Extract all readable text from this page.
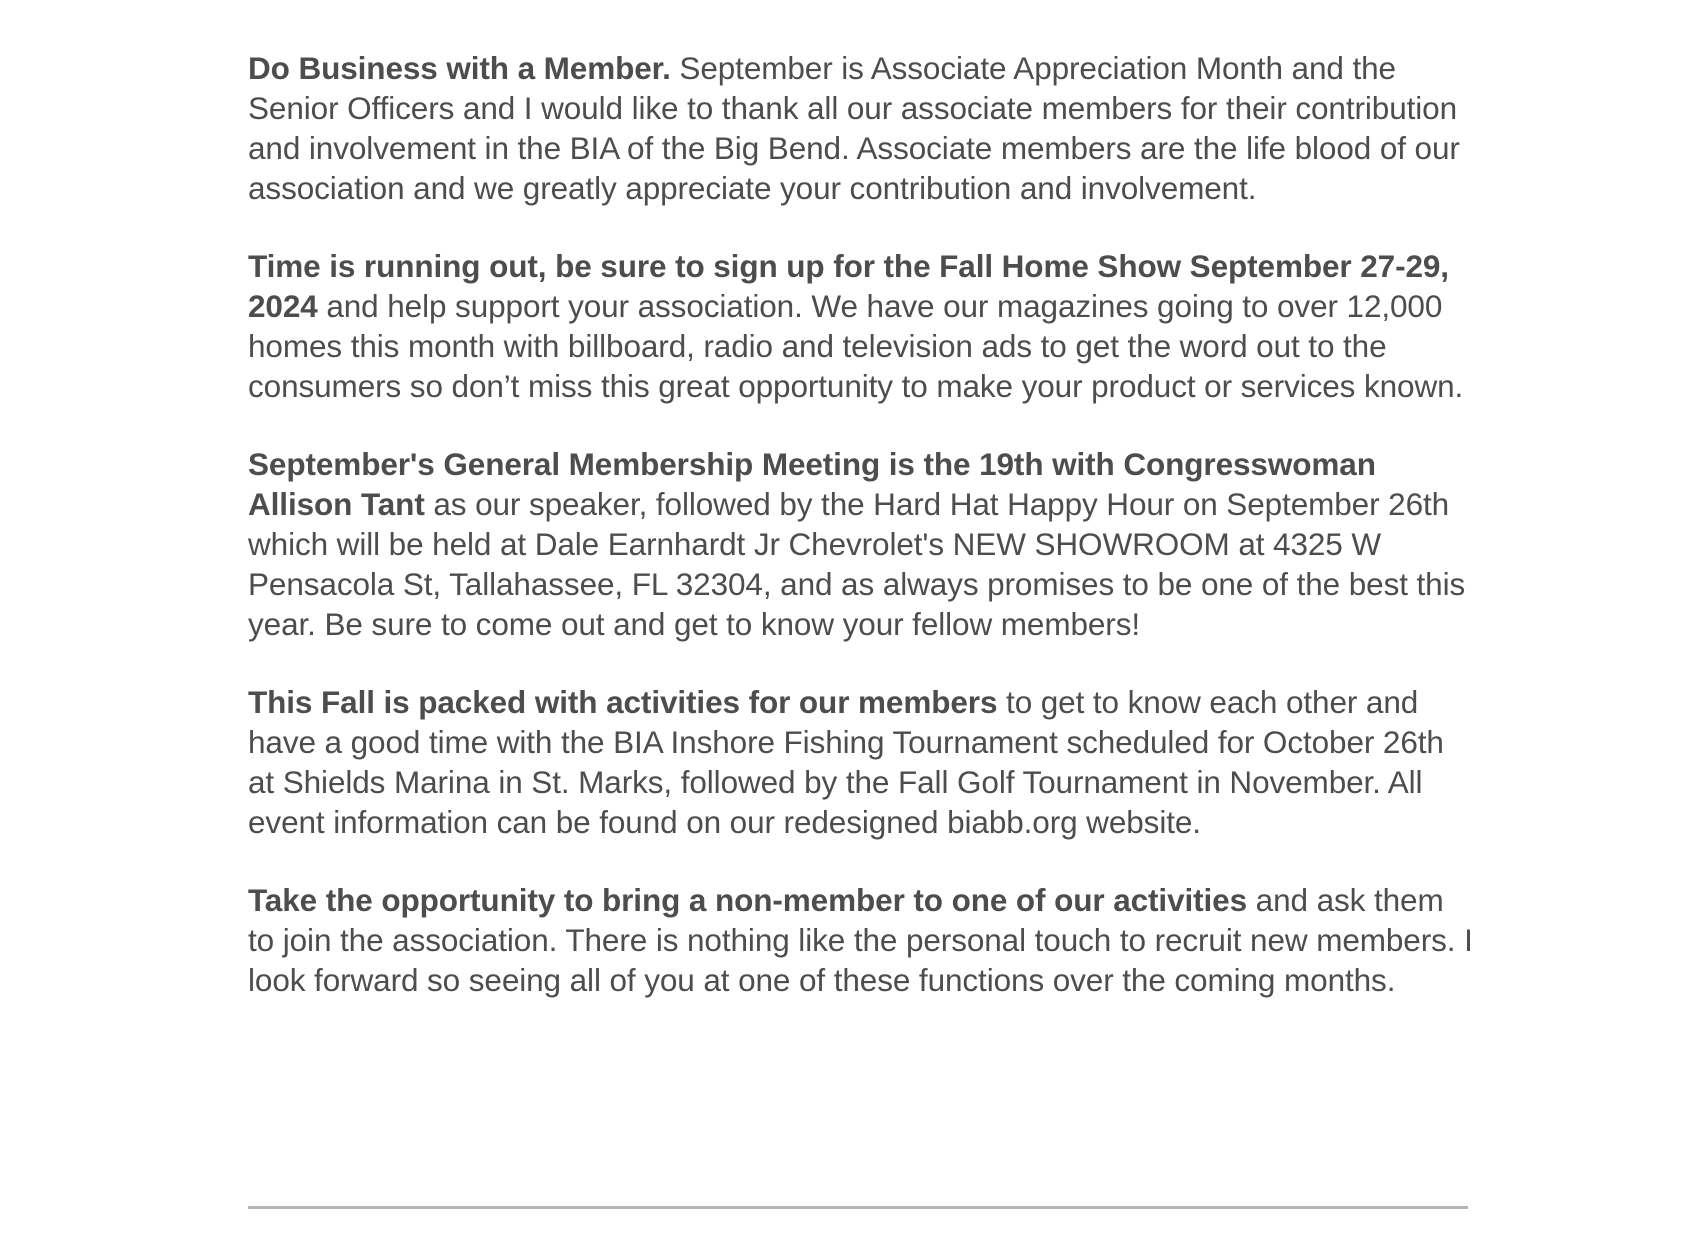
Do Business with a Member. September is Associate Appreciation Month and the Senior Officers and I would like to thank all our associate members for their contribution and involvement in the BIA of the Big Bend. Associate members are the life blood of our association and we greatly appreciate your contribution and involvement.

Time is running out, be sure to sign up for the Fall Home Show September 27-29, 2024 and help support your association. We have our magazines going to over 12,000 homes this month with billboard, radio and television ads to get the word out to the consumers so don’t miss this great opportunity to make your product or services known.

September's General Membership Meeting is the 19th with Congresswoman Allison Tant as our speaker, followed by the Hard Hat Happy Hour on September 26th which will be held at Dale Earnhardt Jr Chevrolet's NEW SHOWROOM at 4325 W Pensacola St, Tallahassee, FL 32304, and as always promises to be one of the best this year. Be sure to come out and get to know your fellow members!

This Fall is packed with activities for our members to get to know each other and have a good time with the BIA Inshore Fishing Tournament scheduled for October 26th at Shields Marina in St. Marks, followed by the Fall Golf Tournament in November. All event information can be found on our redesigned biabb.org website.

Take the opportunity to bring a non-member to one of our activities and ask them to join the association. There is nothing like the personal touch to recruit new members. I look forward so seeing all of you at one of these functions over the coming months.
